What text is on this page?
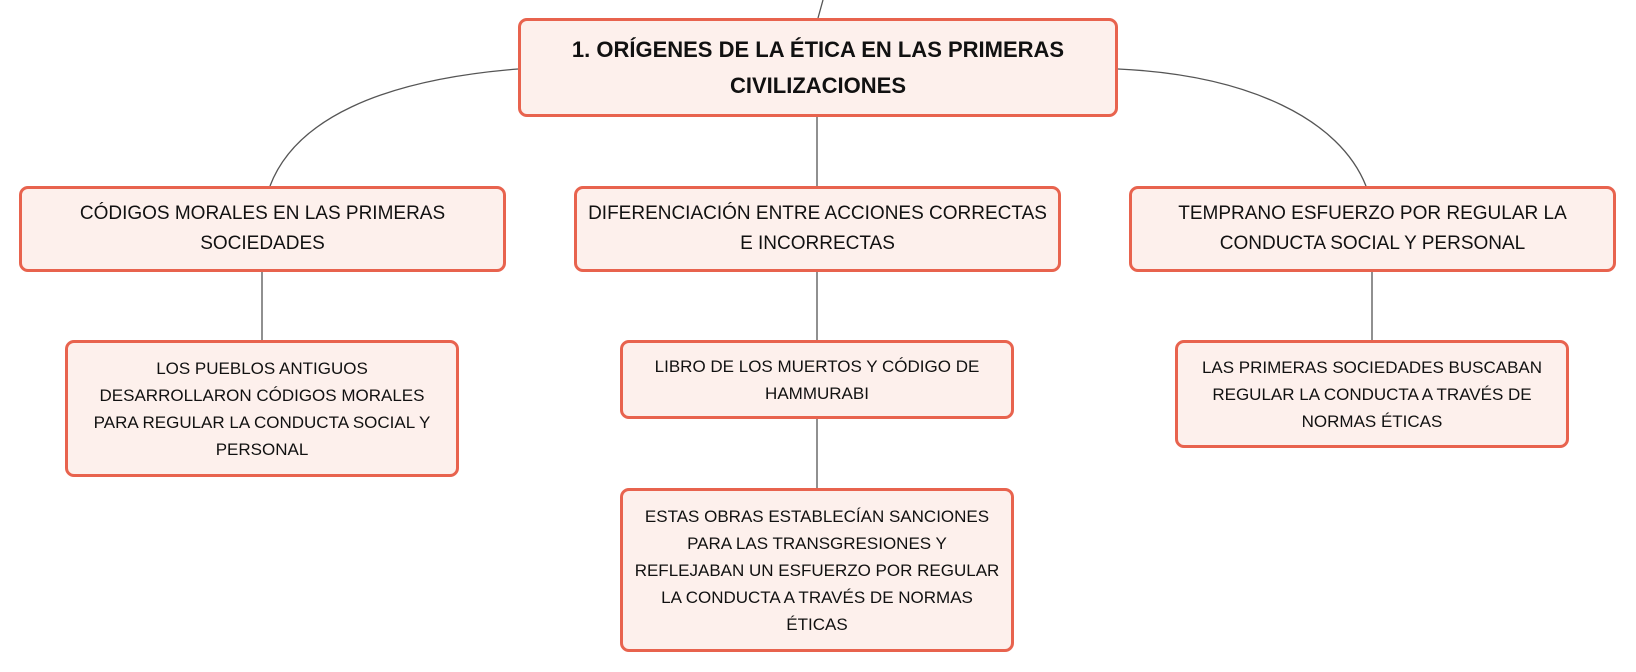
1. ORÍGENES DE LA ÉTICA EN LAS PRIMERAS CIVILIZACIONES
CÓDIGOS MORALES EN LAS PRIMERAS SOCIEDADES
DIFERENCIACIÓN ENTRE ACCIONES CORRECTAS E INCORRECTAS
TEMPRANO ESFUERZO POR REGULAR LA CONDUCTA SOCIAL Y PERSONAL
LOS PUEBLOS ANTIGUOS DESARROLLARON CÓDIGOS MORALES PARA REGULAR LA CONDUCTA SOCIAL Y PERSONAL
LIBRO DE LOS MUERTOS Y CÓDIGO DE HAMMURABI
ESTAS OBRAS ESTABLECÍAN SANCIONES PARA LAS TRANSGRESIONES Y REFLEJABAN UN ESFUERZO POR REGULAR LA CONDUCTA A TRAVÉS DE NORMAS ÉTICAS
LAS PRIMERAS SOCIEDADES BUSCABAN REGULAR LA CONDUCTA A TRAVÉS DE NORMAS ÉTICAS
